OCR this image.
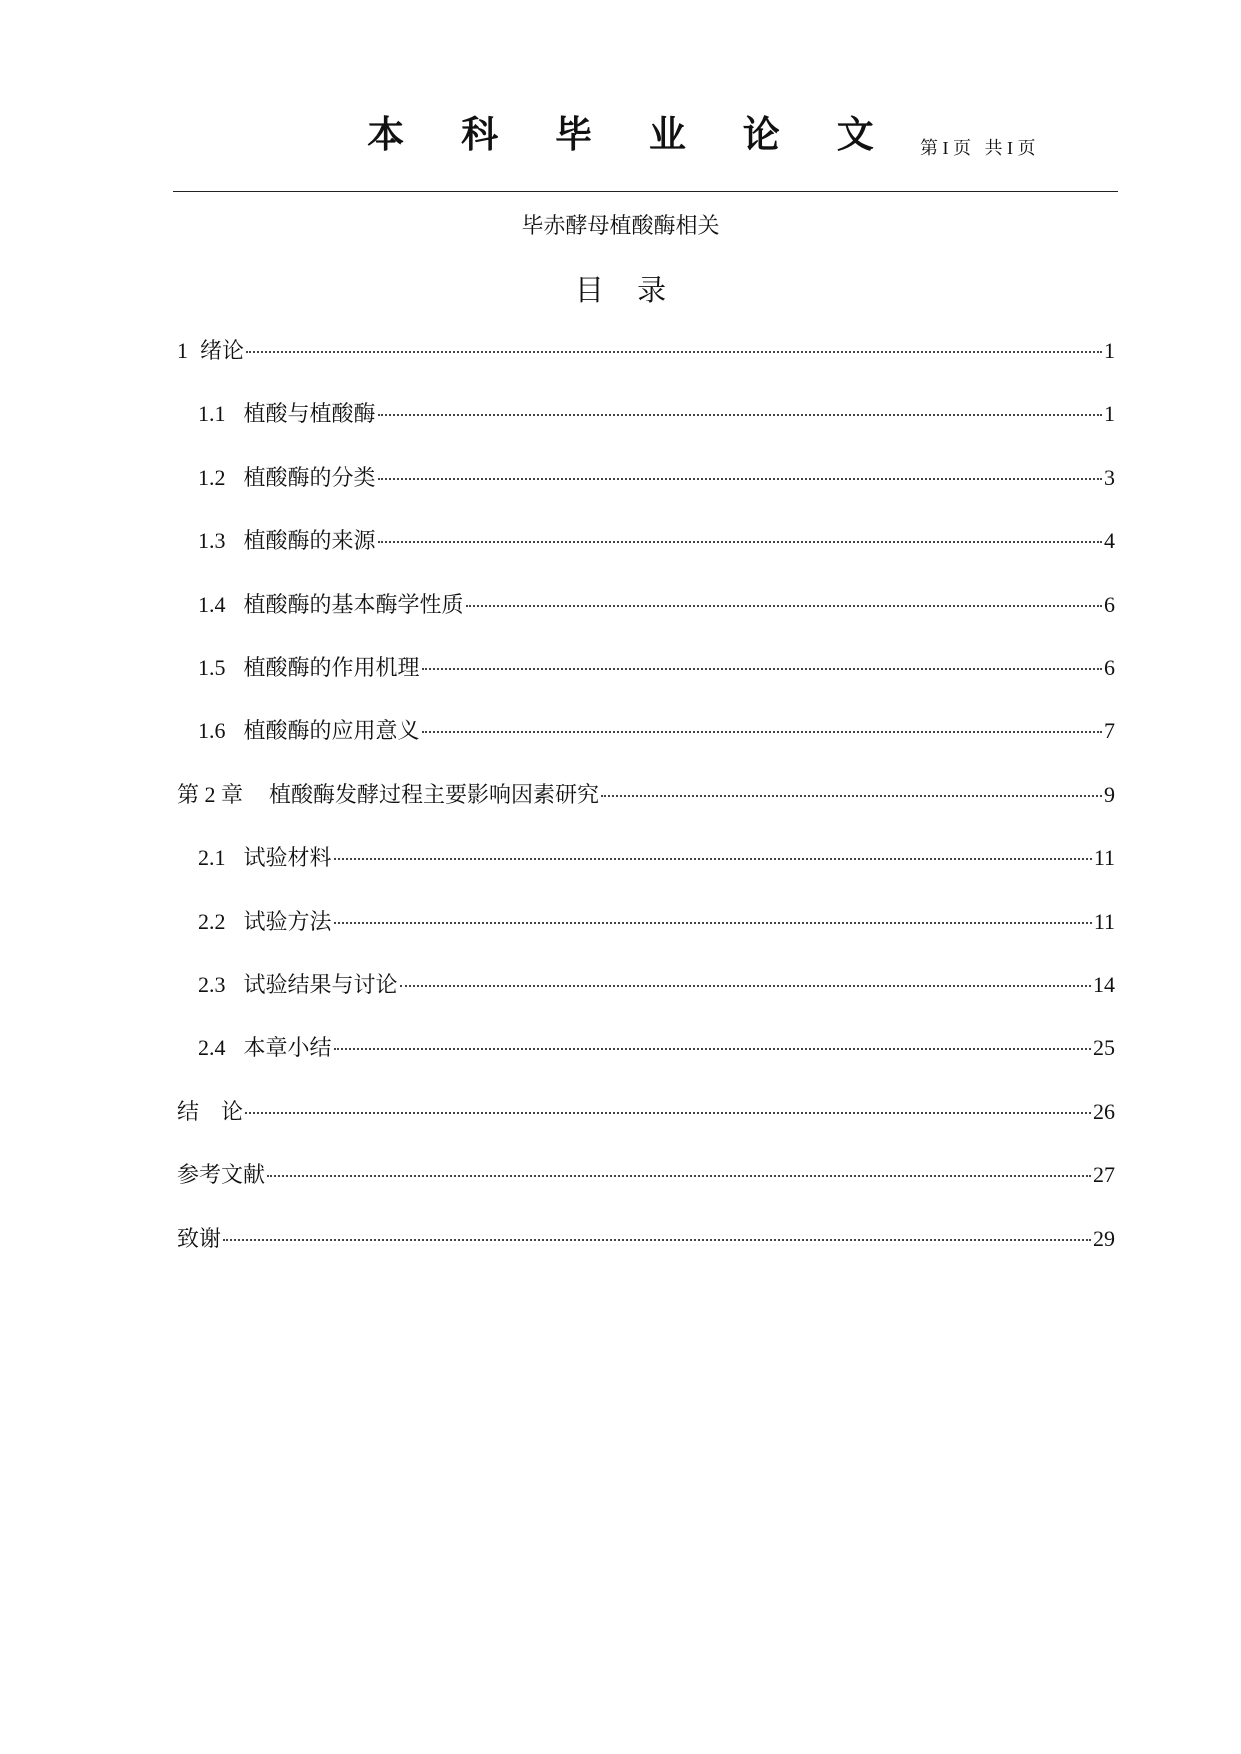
本 科 毕 业 论 文	第 I 页   共 I 页
毕赤酵母植酸酶相关
目 录
1 绪论	1
1.1 植酸与植酸酶	1
1.2 植酸酶的分类	3
1.3 植酸酶的来源	4
1.4 植酸酶的基本酶学性质	6
1.5 植酸酶的作用机理	6
1.6 植酸酶的应用意义	7
第 2 章 植酸酶发酵过程主要影响因素研究	9
2.1 试验材料	11
2.2 试验方法	11
2.3 试验结果与讨论	14
2.4 本章小结	25
结　论	26
参考文献	27
致谢	29
